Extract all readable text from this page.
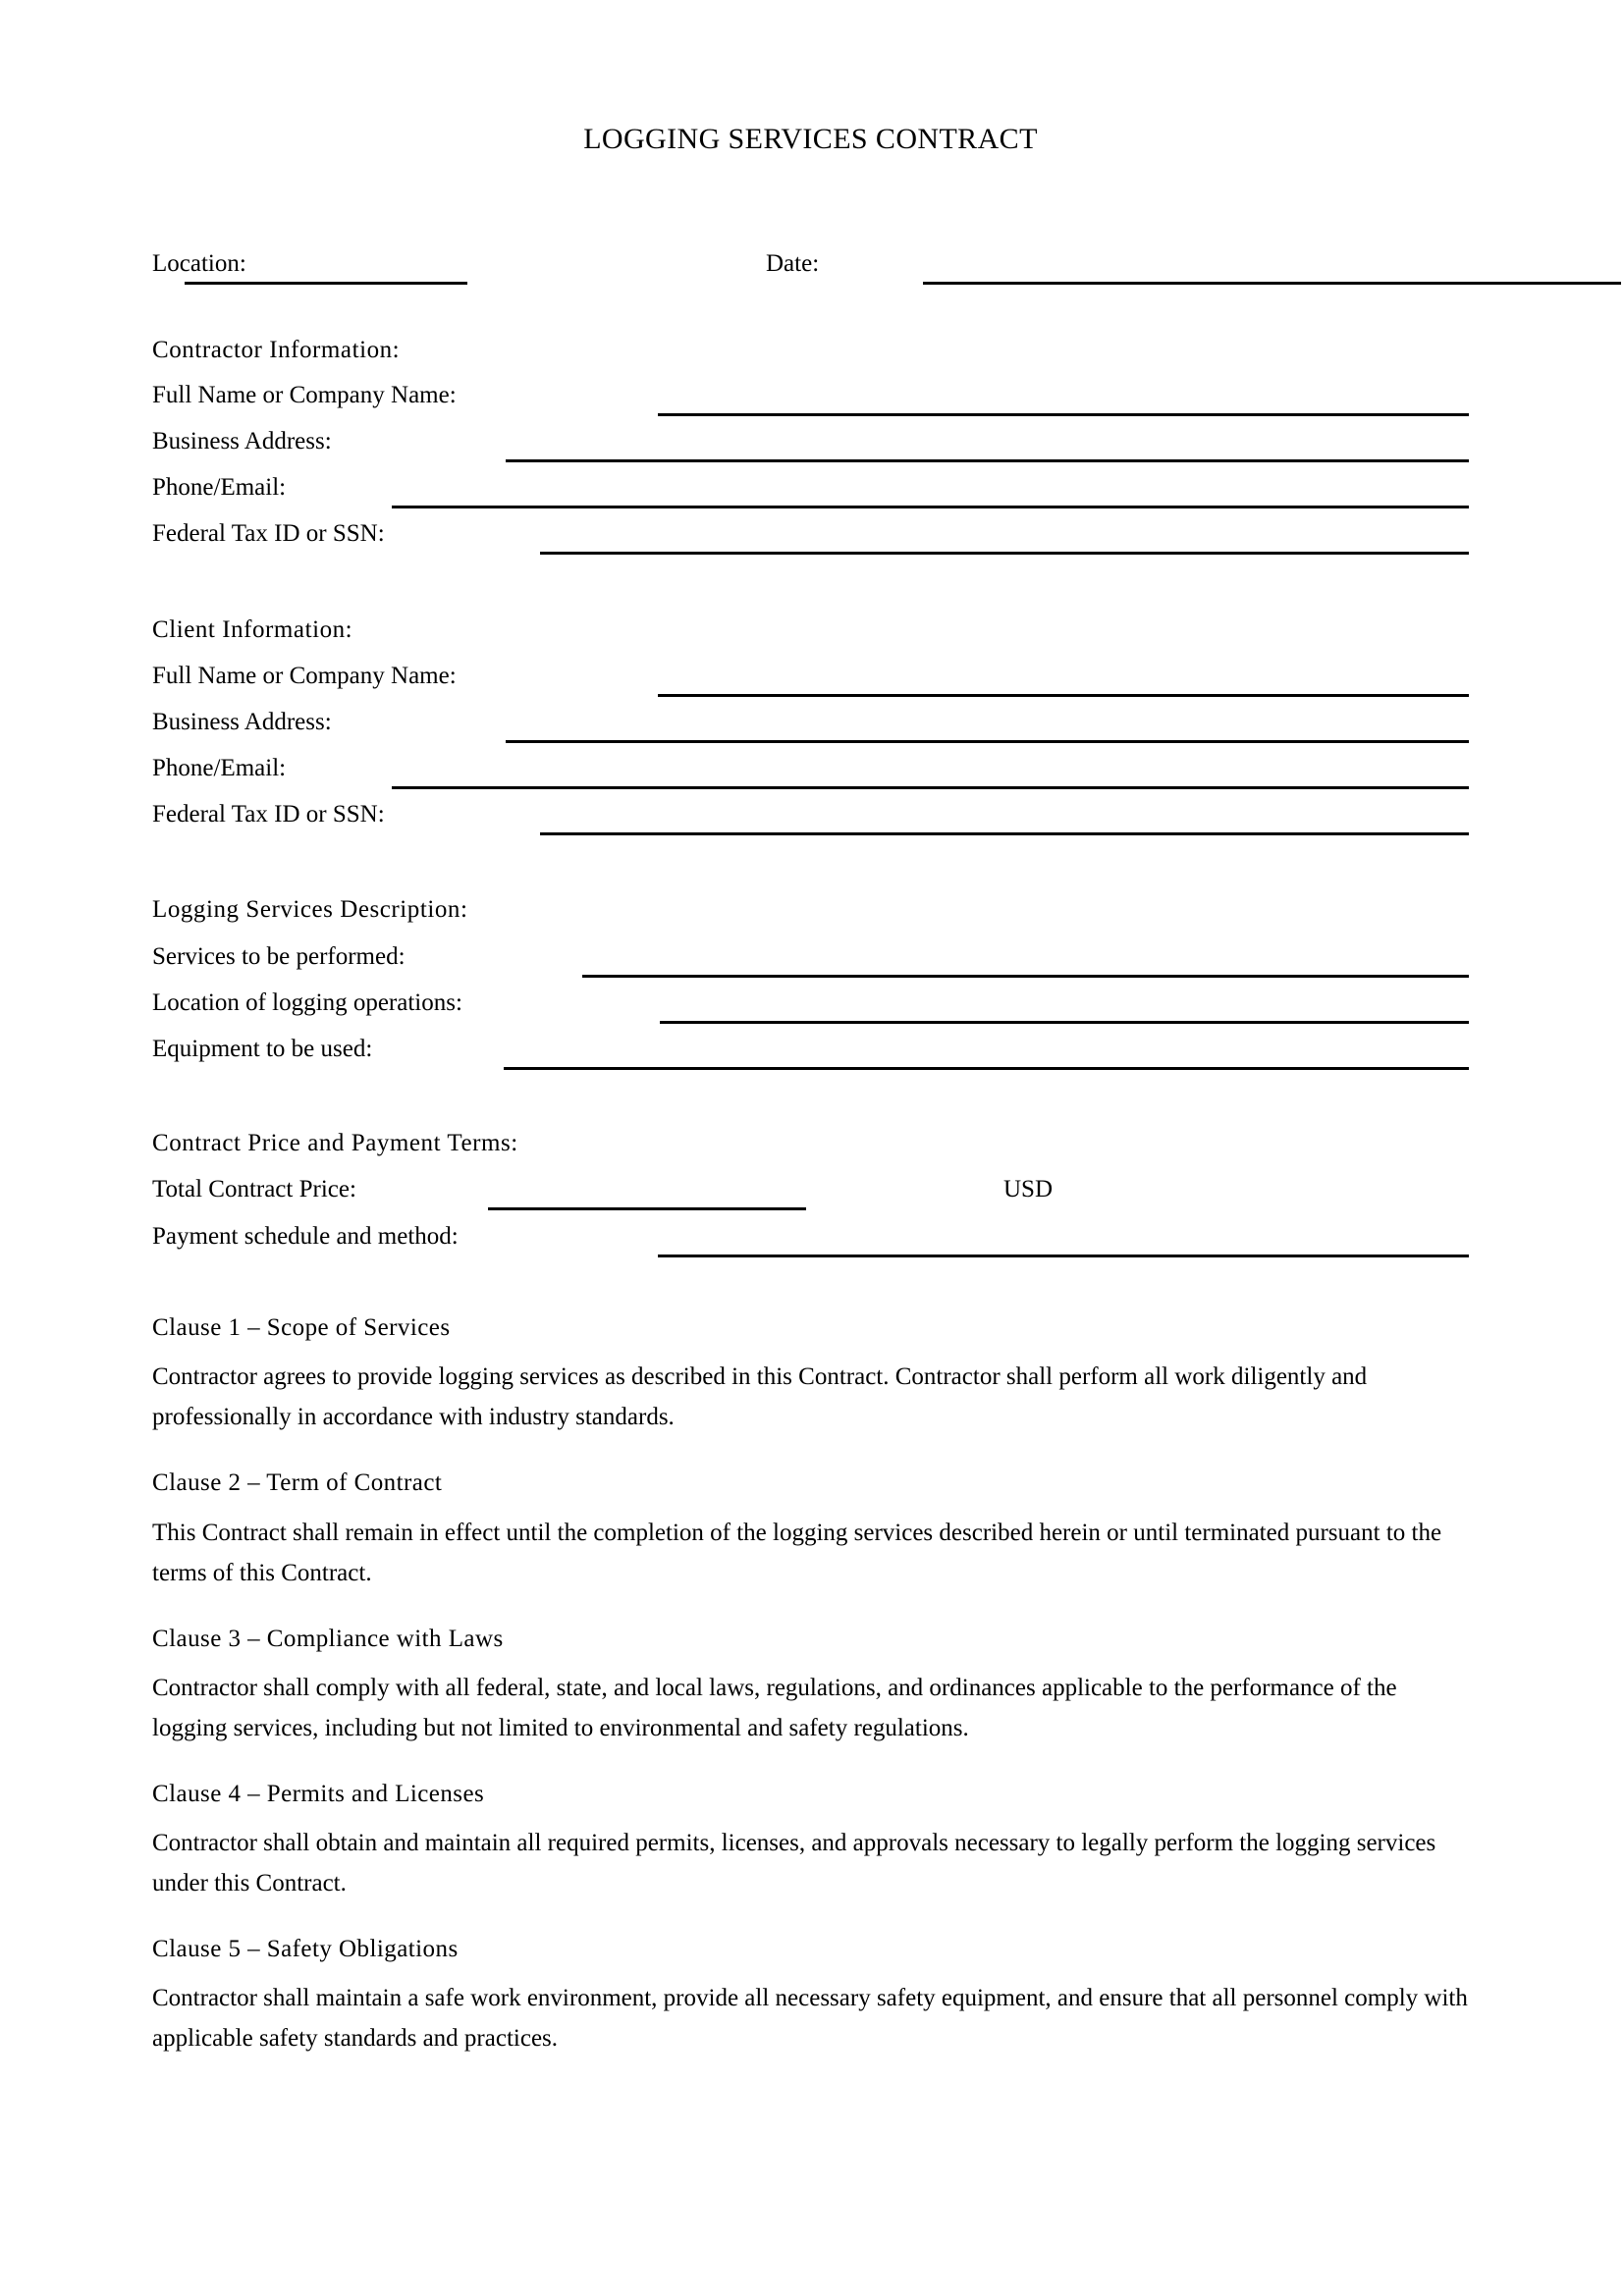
LOGGING SERVICES CONTRACT
Location:	Date:
Contractor Information:
Full Name or Company Name:
Business Address:
Phone/Email:
Federal Tax ID or SSN:
Client Information:
Full Name or Company Name:
Business Address:
Phone/Email:
Federal Tax ID or SSN:
Logging Services Description:
Services to be performed:
Location of logging operations:
Equipment to be used:
Contract Price and Payment Terms:
Total Contract Price:	USD
Payment schedule and method:
Clause 1 – Scope of Services
Contractor agrees to provide logging services as described in this Contract. Contractor shall perform all work diligently and professionally in accordance with industry standards.
Clause 2 – Term of Contract
This Contract shall remain in effect until the completion of the logging services described herein or until terminated pursuant to the terms of this Contract.
Clause 3 – Compliance with Laws
Contractor shall comply with all federal, state, and local laws, regulations, and ordinances applicable to the performance of the logging services, including but not limited to environmental and safety regulations.
Clause 4 – Permits and Licenses
Contractor shall obtain and maintain all required permits, licenses, and approvals necessary to legally perform the logging services under this Contract.
Clause 5 – Safety Obligations
Contractor shall maintain a safe work environment, provide all necessary safety equipment, and ensure that all personnel comply with applicable safety standards and practices.
